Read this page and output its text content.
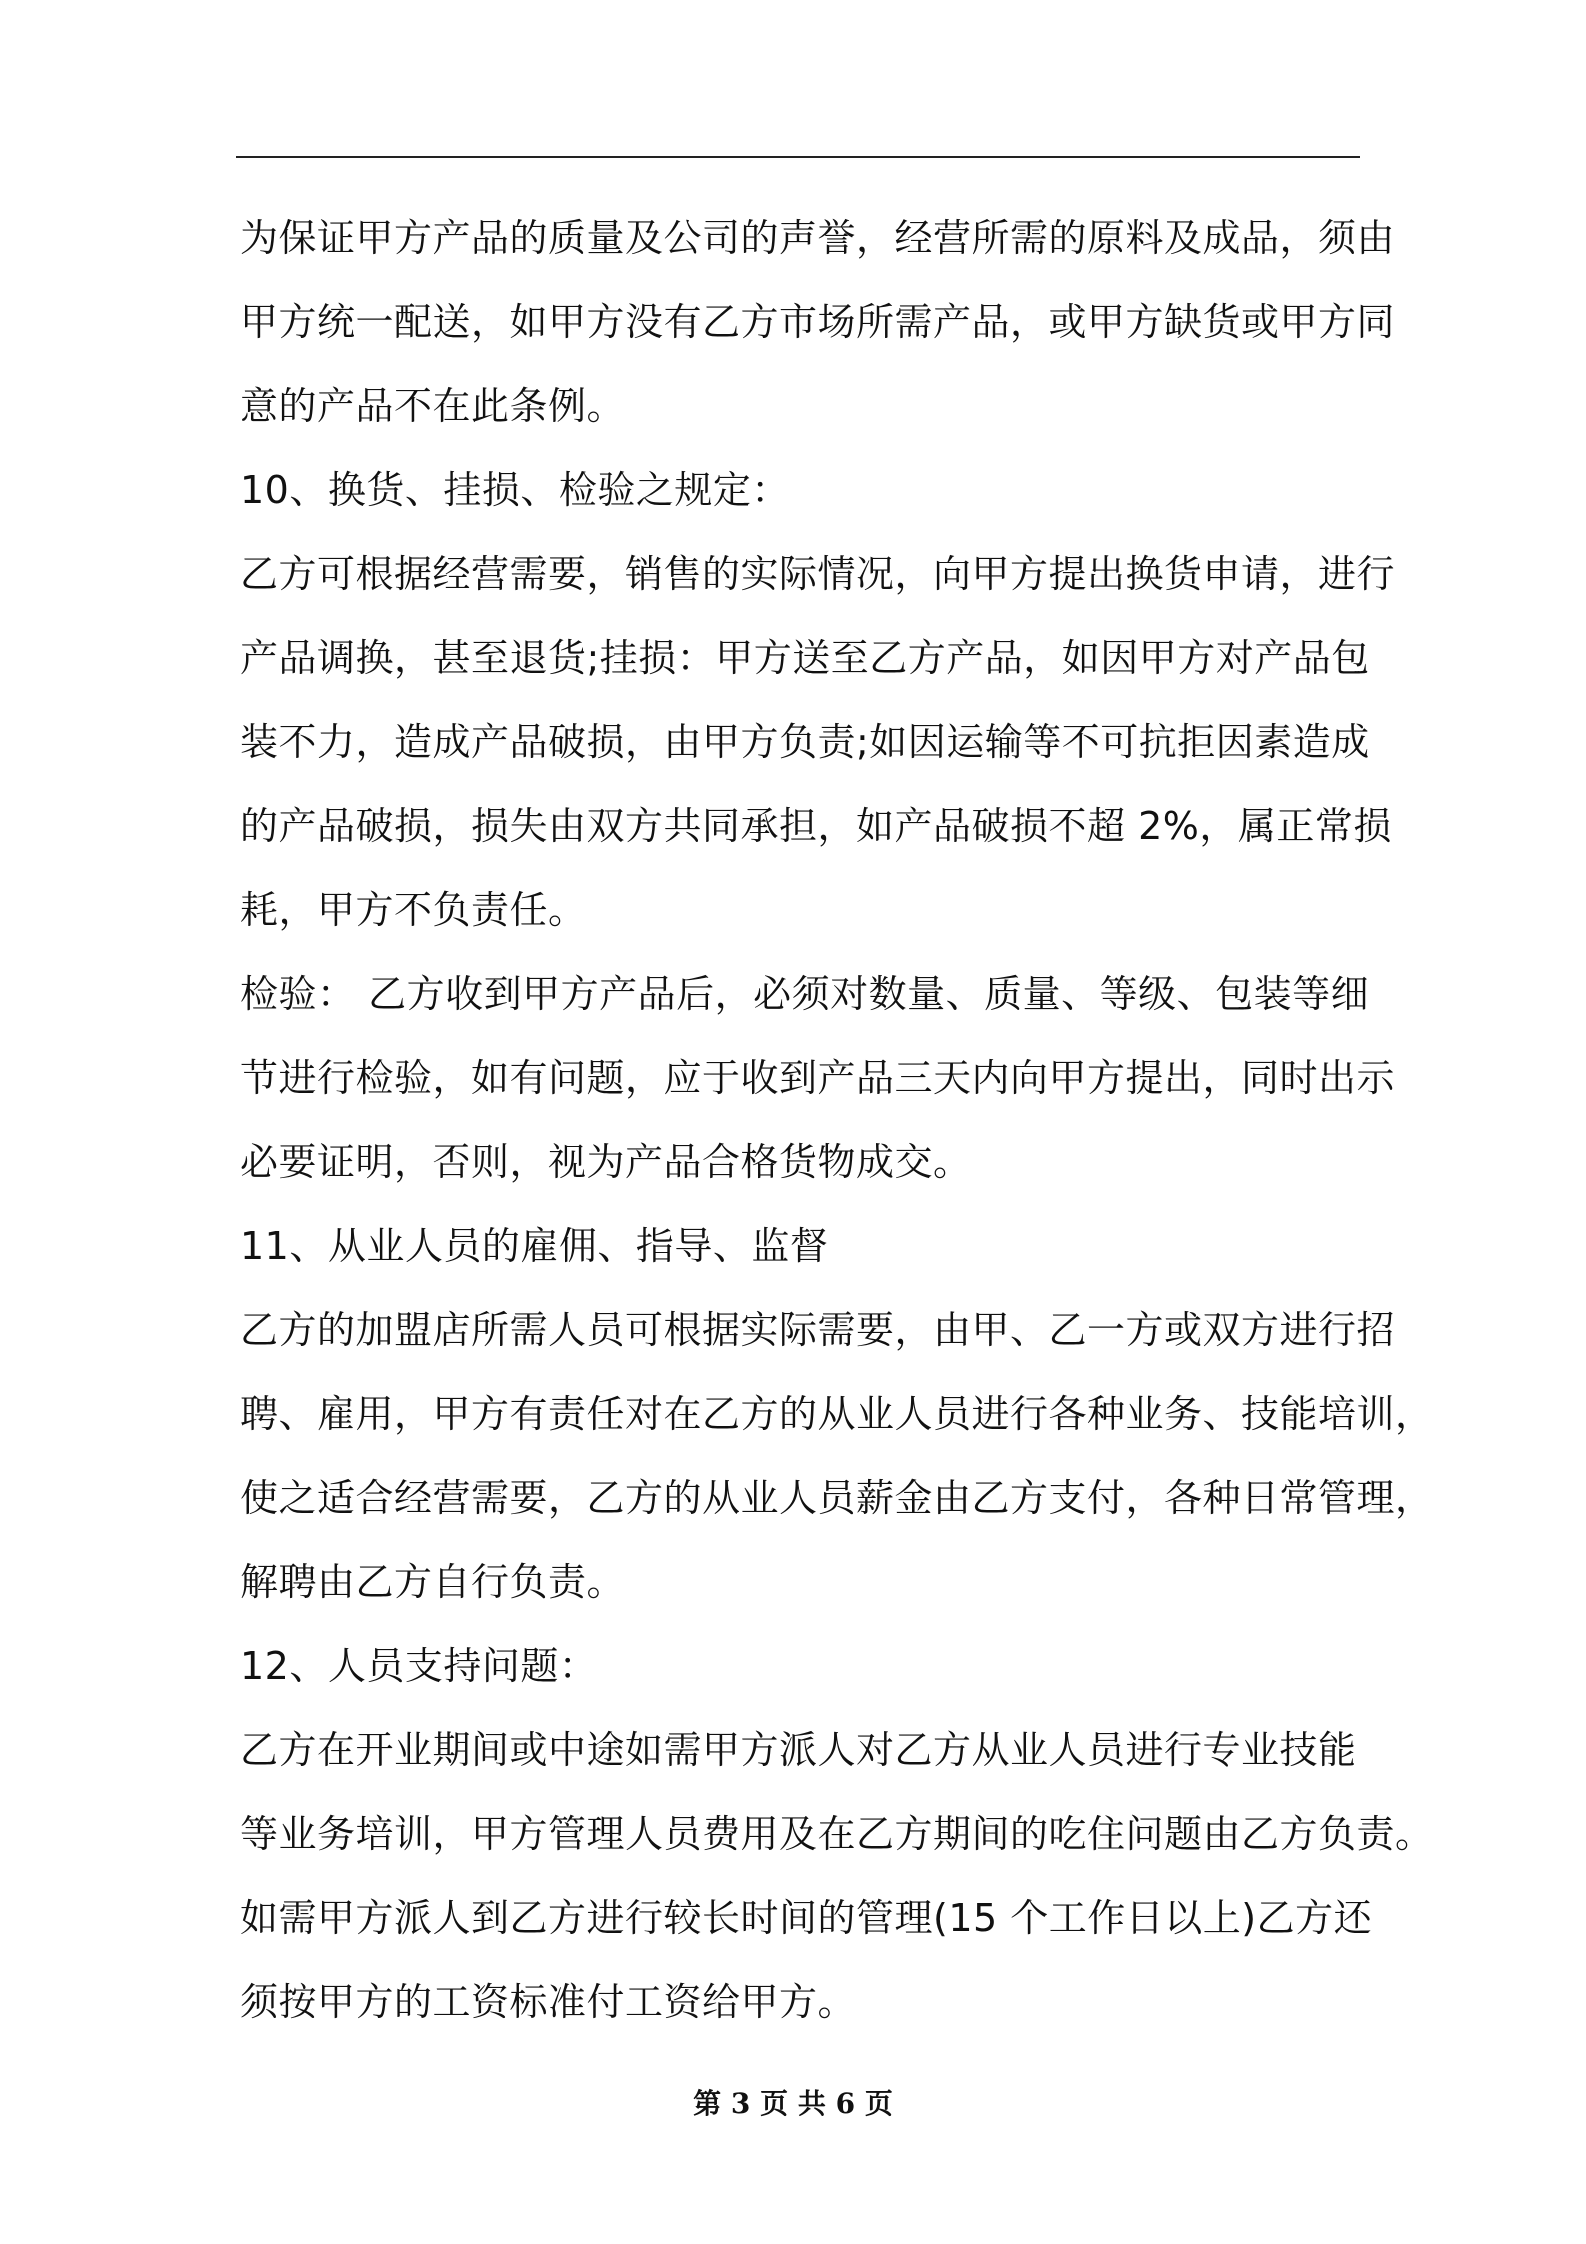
为保证甲方产品的质量及公司的声誉，经营所需的原料及成品，须由
甲方统一配送，如甲方没有乙方市场所需产品，或甲方缺货或甲方同
意的产品不在此条例。
10、换货、挂损、检验之规定：
乙方可根据经营需要，销售的实际情况，向甲方提出换货申请，进行
产品调换，甚至退货;挂损：甲方送至乙方产品，如因甲方对产品包
装不力，造成产品破损，由甲方负责;如因运输等不可抗拒因素造成
的产品破损，损失由双方共同承担，如产品破损不超 2%，属正常损
耗，甲方不负责任。
检验： 乙方收到甲方产品后，必须对数量、质量、等级、包装等细
节进行检验，如有问题，应于收到产品三天内向甲方提出，同时出示
必要证明，否则，视为产品合格货物成交。
11、从业人员的雇佣、指导、监督
乙方的加盟店所需人员可根据实际需要，由甲、乙一方或双方进行招
聘、雇用，甲方有责任对在乙方的从业人员进行各种业务、技能培训，
使之适合经营需要，乙方的从业人员薪金由乙方支付，各种日常管理，
解聘由乙方自行负责。
12、人员支持问题：
乙方在开业期间或中途如需甲方派人对乙方从业人员进行专业技能
等业务培训，甲方管理人员费用及在乙方期间的吃住问题由乙方负责。
如需甲方派人到乙方进行较长时间的管理(15 个工作日以上)乙方还
须按甲方的工资标准付工资给甲方。
第 3 页 共 6 页
